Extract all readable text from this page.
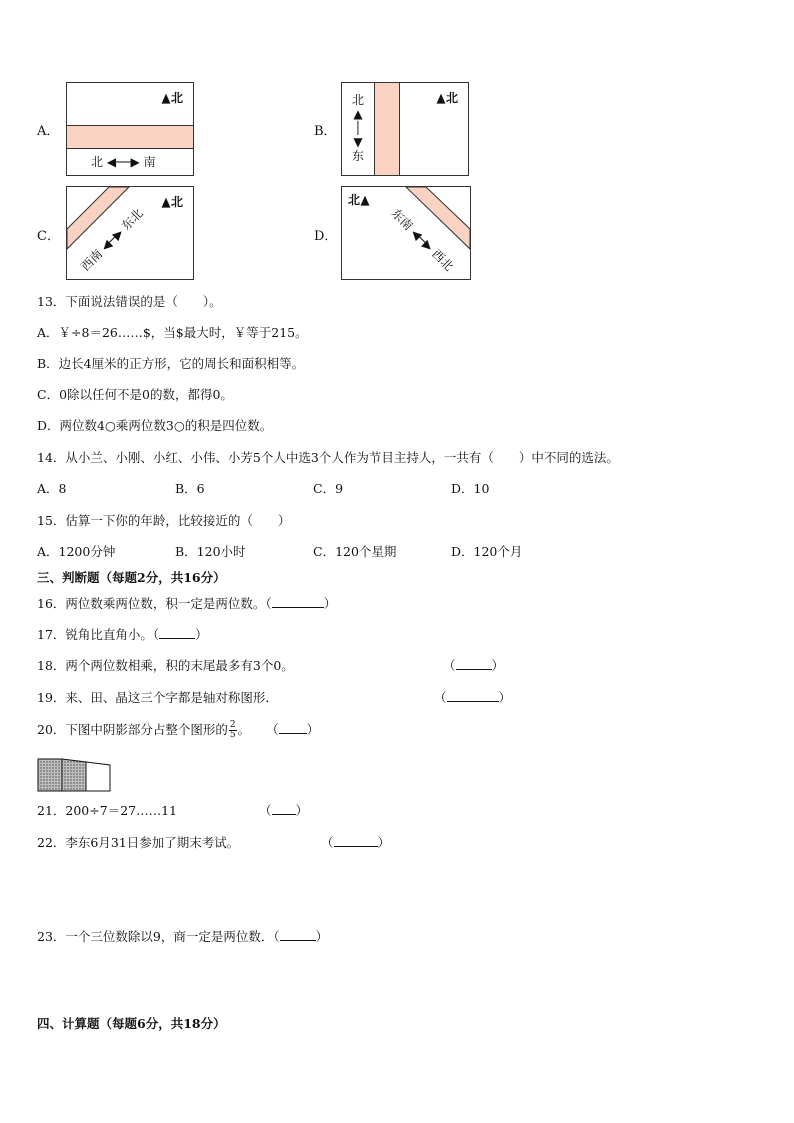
A．
▲北
北 ◀──▶ 南
B．
▲北
北
▲
│
▼
东
C．
▲北
西南 ◀─▶ 东北
D．
北▲
东南 ◀─▶ 西北
13．下面说法错误的是（　　）。
A．￥÷8＝26……$，当$最大时，￥等于215。
B．边长4厘米的正方形，它的周长和面积相等。
C．0除以任何不是0的数，都得0。
D．两位数4○乘两位数3○的积是四位数。
14．从小兰、小刚、小红、小伟、小芳5个人中选3个人作为节目主持人，一共有（　　）中不同的选法。
A．8	B．6	C．9	D．10
15．估算一下你的年龄，比较接近的（　　）
A．1200分钟	B．120小时	C．120个星期	D．120个月
三、判断题（每题2分，共16分）
16．两位数乘两位数，积一定是两位数。（	）
17．锐角比直角小。（	）
18．两个两位数相乘，积的末尾最多有3个0。	（	）
19．来、田、晶这三个字都是轴对称图形．	（	）
20．下图中阴影部分占整个图形的 $\frac{2}{5}$ 。 （ ）
21．200÷7＝27……11	（ ）
22．李东6月31日参加了期末考试。	（	）
23．一个三位数除以9，商一定是两位数．（	）
四、计算题（每题6分，共18分）
